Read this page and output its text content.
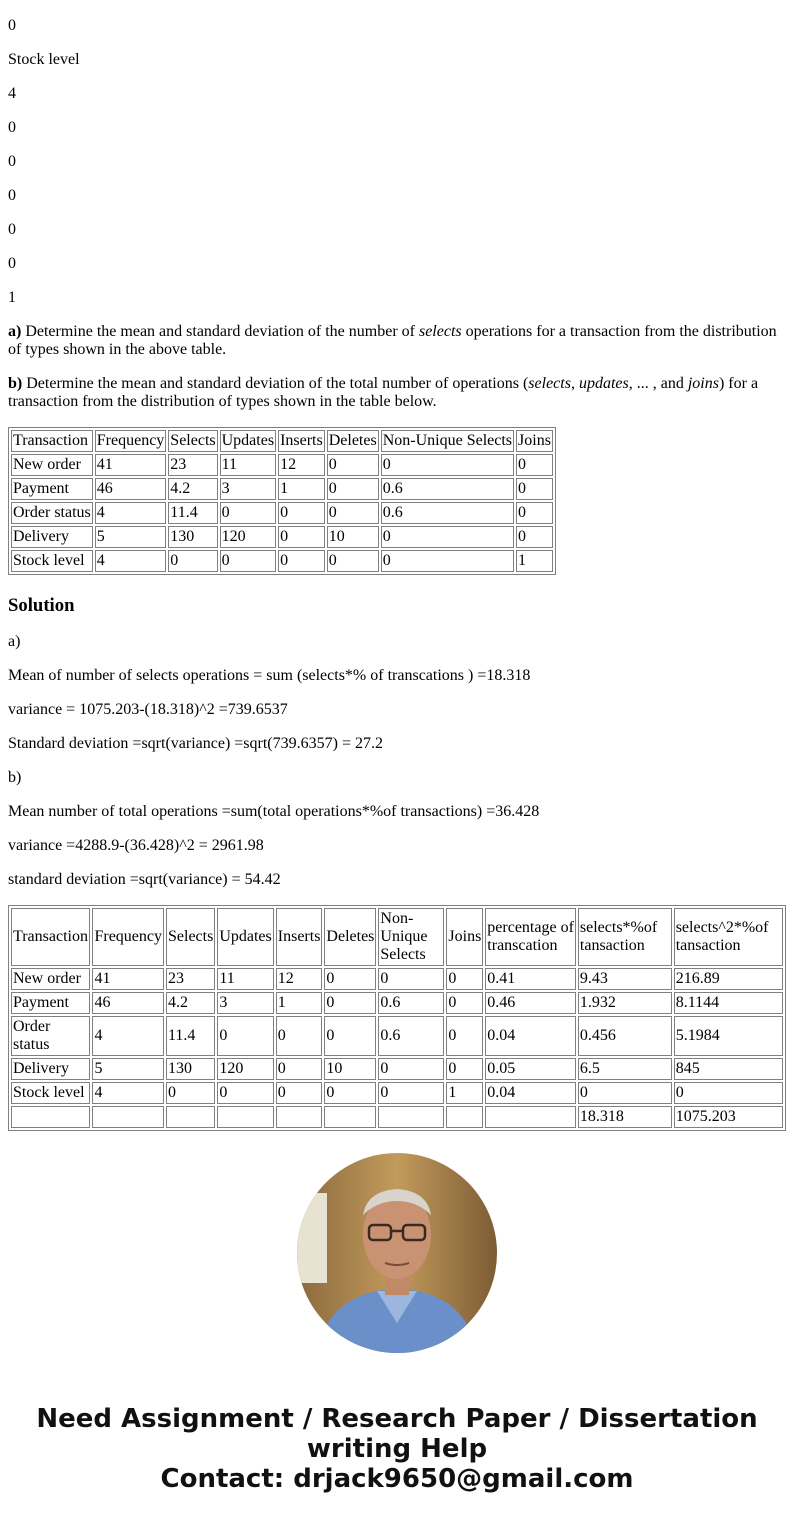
0

Stock level

4

0

0

0

0

0

1

a) Determine the mean and standard deviation of the number of selects operations for a transaction from the distribution of types shown in the above table.

b) Determine the mean and standard deviation of the total number of operations (selects, updates, ... , and joins) for a transaction from the distribution of types shown in the table below.

Transaction	Frequency	Selects	Updates	Inserts	Deletes	Non-Unique Selects	Joins
New order	41	23	11	12	0	0	0
Payment	46	4.2	3	1	0	0.6	0
Order status	4	11.4	0	0	0	0.6	0
Delivery	5	130	120	0	10	0	0
Stock level	4	0	0	0	0	0	1
Solution

a)

Mean of number of selects operations = sum (selects*% of transcations ) =18.318

variance = 1075.203-(18.318)^2 =739.6537

Standard deviation =sqrt(variance) =sqrt(739.6357) = 27.2

b)

Mean number of total operations =sum(total operations*%of transactions) =36.428

variance =4288.9-(36.428)^2 = 2961.98

standard deviation =sqrt(variance) = 54.42

Transaction	Frequency	Selects	Updates	Inserts	Deletes	Non-Unique Selects	Joins	percentage of transcation	selects*%of tansaction	selects^2*%of tansaction
New order	41	23	11	12	0	0	0	0.41	9.43	216.89
Payment	46	4.2	3	1	0	0.6	0	0.46	1.932	8.1144
Order status	4	11.4	0	0	0	0.6	0	0.04	0.456	5.1984
Delivery	5	130	120	0	10	0	0	0.05	6.5	845
Stock level	4	0	0	0	0	0	1	0.04	0	0
									18.318	1075.203
Need Assignment / Research Paper / Dissertation
writing Help
Contact: drjack9650@gmail.com
